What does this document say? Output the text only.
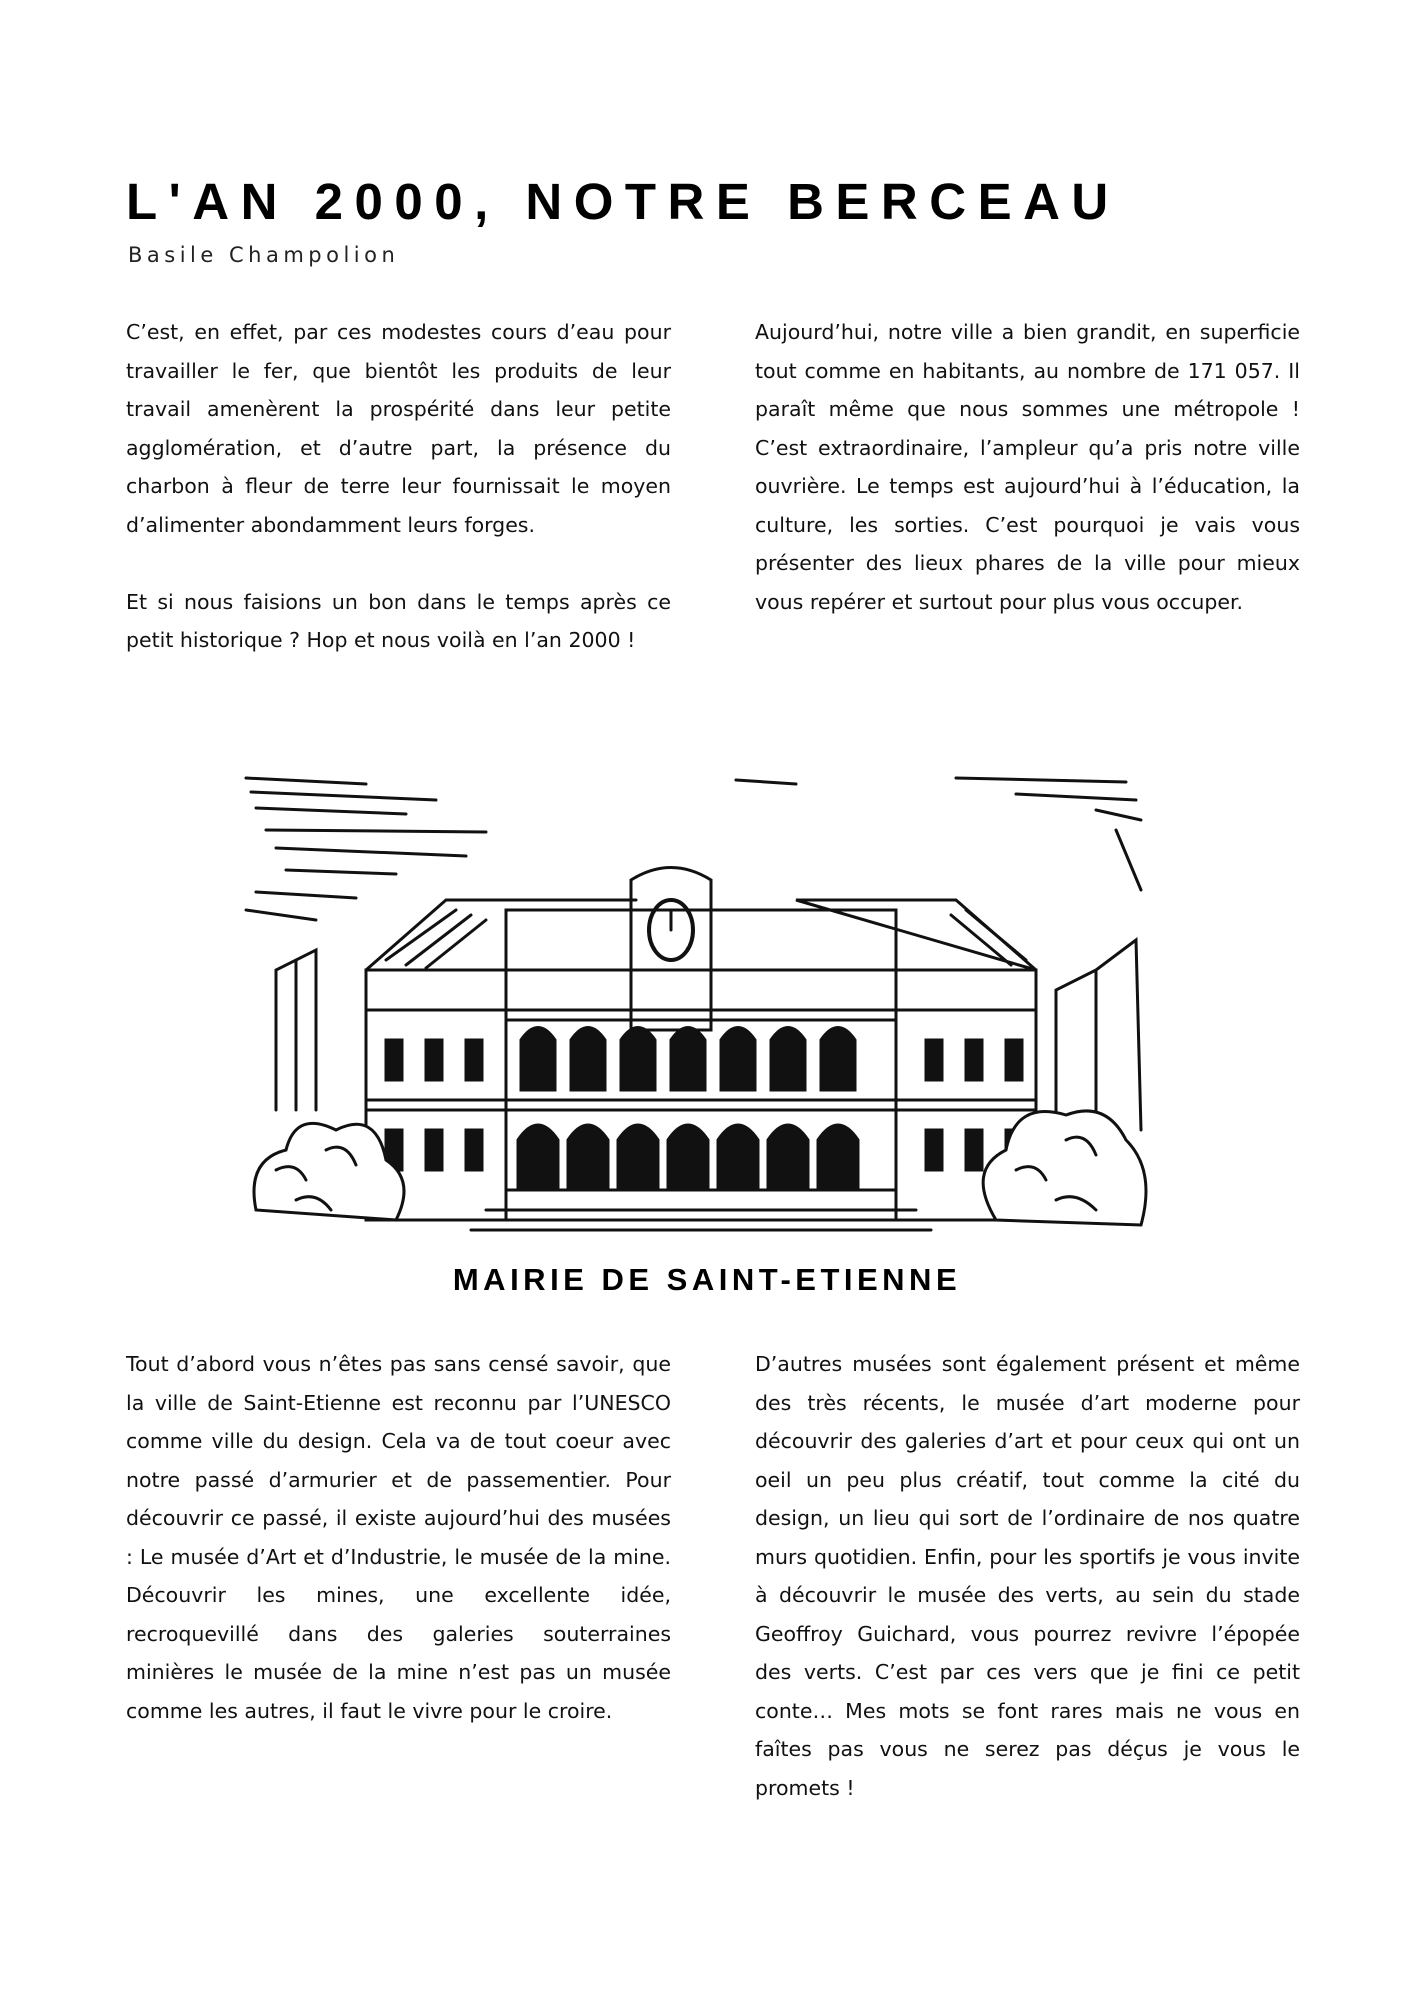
L'AN 2000, NOTRE BERCEAU
Basile Champolion

C’est, en effet, par ces modestes cours d’eau pour travailler le fer, que bientôt les produits de leur travail amenèrent la prospérité dans leur petite agglomération, et d’autre part, la présence du charbon à fleur de terre leur fournissait le moyen d’alimenter abondamment leurs forges.

Et si nous faisions un bon dans le temps après ce petit historique ? Hop et nous voilà en l’an 2000 !

Aujourd’hui, notre ville a bien grandit, en superficie tout comme en habitants, au nombre de 171 057. Il paraît même que nous sommes une métropole ! C’est extraordinaire, l’ampleur qu’a pris notre ville ouvrière. Le temps est aujourd’hui à l’éducation, la culture, les sorties. C’est pourquoi je vais vous présenter des lieux phares de la ville pour mieux vous repérer et surtout pour plus vous occuper.

MAIRIE DE SAINT-ETIENNE

Tout d’abord vous n’êtes pas sans censé savoir, que la ville de Saint-Etienne est reconnu par l’UNESCO comme ville du design. Cela va de tout coeur avec notre passé d’armurier et de passementier. Pour découvrir ce passé, il existe aujourd’hui des musées : Le musée d’Art et d’Industrie, le musée de la mine. Découvrir les mines, une excellente idée, recroquevillé dans des galeries souterraines minières le musée de la mine n’est pas un musée comme les autres, il faut le vivre pour le croire.

D’autres musées sont également présent et même des très récents, le musée d’art moderne pour découvrir des galeries d’art et pour ceux qui ont un oeil un peu plus créatif, tout comme la cité du design, un lieu qui sort de l’ordinaire de nos quatre murs quotidien. Enfin, pour les sportifs je vous invite à découvrir le musée des verts, au sein du stade Geoffroy Guichard, vous pourrez revivre l’épopée des verts. C’est par ces vers que je fini ce petit conte… Mes mots se font rares mais ne vous en faîtes pas vous ne serez pas déçus je vous le promets !
